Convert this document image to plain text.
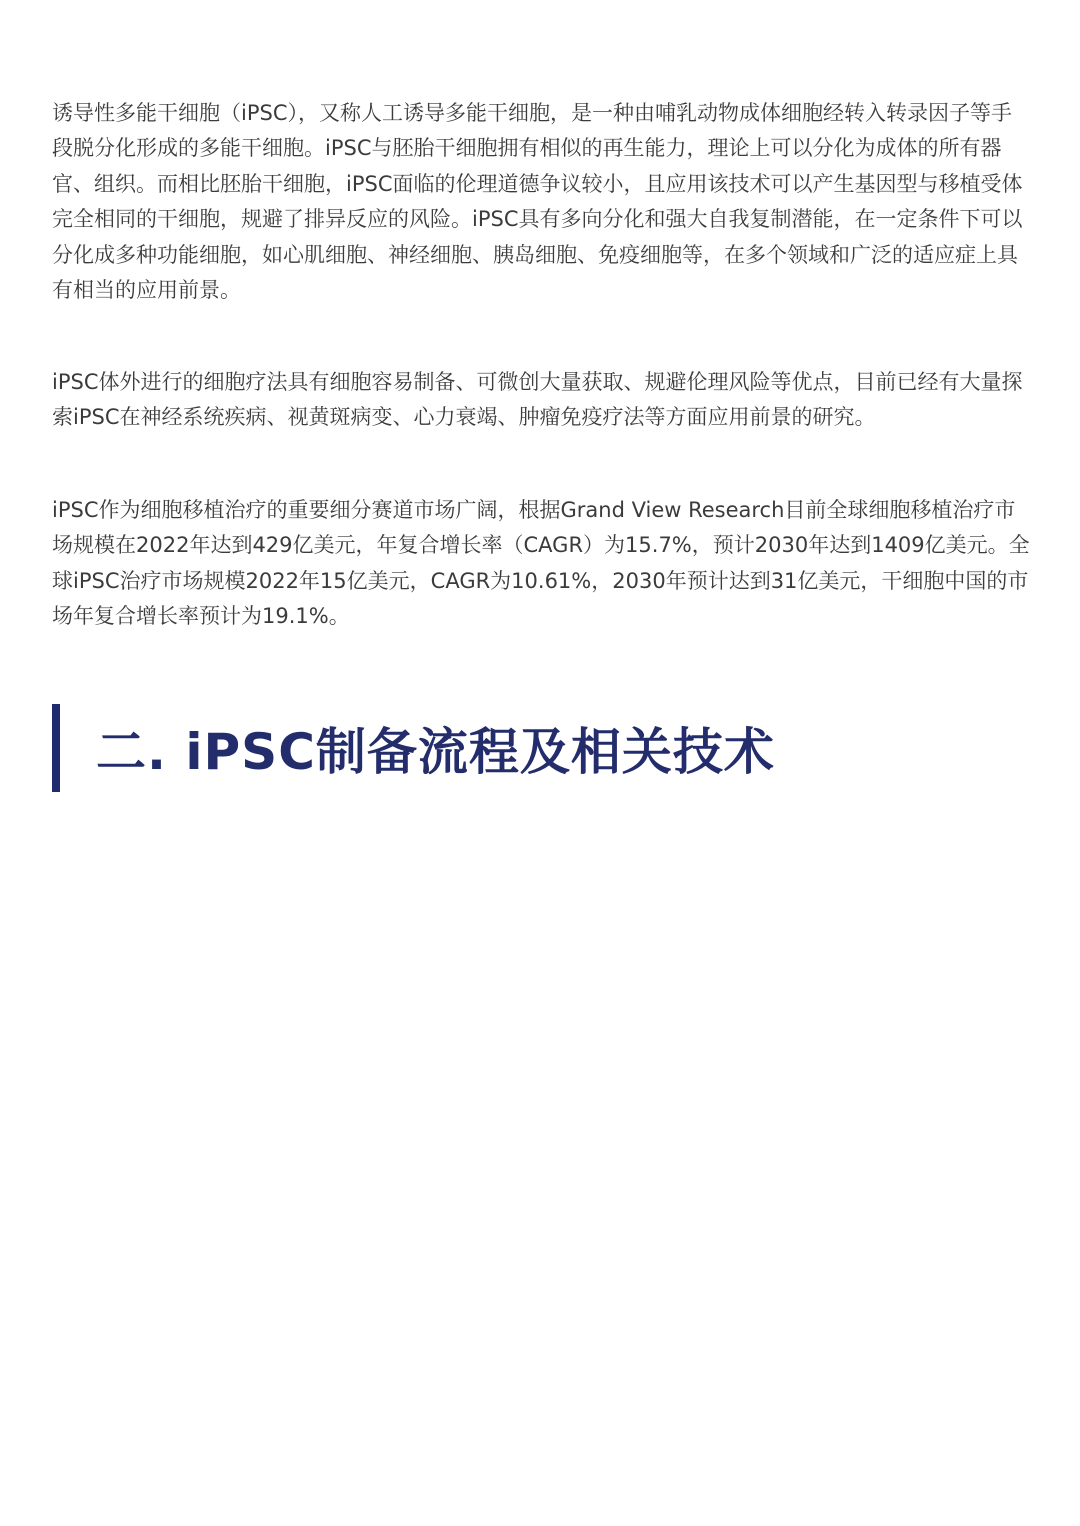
诱导性多能干细胞（iPSC），又称人工诱导多能干细胞，是一种由哺乳动物成体细胞经转入转录因子等手段脱分化形成的多能干细胞。iPSC与胚胎干细胞拥有相似的再生能力，理论上可以分化为成体的所有器官、组织。而相比胚胎干细胞，iPSC面临的伦理道德争议较小，且应用该技术可以产生基因型与移植受体完全相同的干细胞，规避了排异反应的风险。iPSC具有多向分化和强大自我复制潜能，在一定条件下可以分化成多种功能细胞，如心肌细胞、神经细胞、胰岛细胞、免疫细胞等，在多个领域和广泛的适应症上具有相当的应用前景。

iPSC体外进行的细胞疗法具有细胞容易制备、可微创大量获取、规避伦理风险等优点，目前已经有大量探索iPSC在神经系统疾病、视黄斑病变、心力衰竭、肿瘤免疫疗法等方面应用前景的研究。

iPSC作为细胞移植治疗的重要细分赛道市场广阔，根据Grand View Research目前全球细胞移植治疗市场规模在2022年达到429亿美元，年复合增长率（CAGR）为15.7%，预计2030年达到1409亿美元。全球iPSC治疗市场规模2022年15亿美元，CAGR为10.61%，2030年预计达到31亿美元，干细胞中国的市场年复合增长率预计为19.1%。

二. iPSC制备流程及相关技术
